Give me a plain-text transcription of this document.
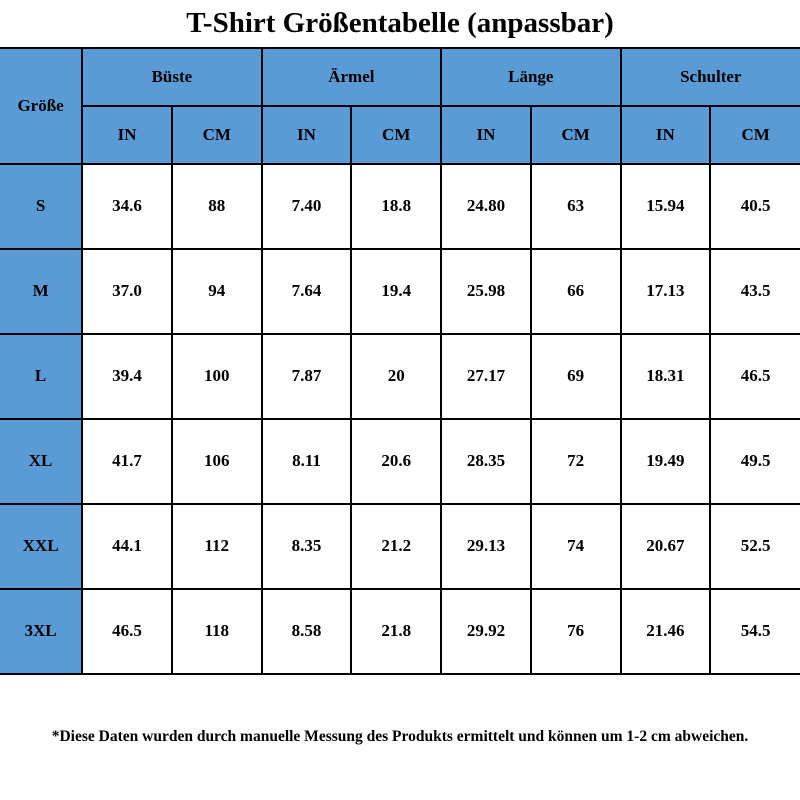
T-Shirt Größentabelle (anpassbar)
Größe	Büste		Ärmel		Länge		Schulter	
	IN	CM	IN	CM	IN	CM	IN	CM
S	34.6	88	7.40	18.8	24.80	63	15.94	40.5
M	37.0	94	7.64	19.4	25.98	66	17.13	43.5
L	39.4	100	7.87	20	27.17	69	18.31	46.5
XL	41.7	106	8.11	20.6	28.35	72	19.49	49.5
XXL	44.1	112	8.35	21.2	29.13	74	20.67	52.5
3XL	46.5	118	8.58	21.8	29.92	76	21.46	54.5
*Diese Daten wurden durch manuelle Messung des Produkts ermittelt und können um 1-2 cm abweichen.
